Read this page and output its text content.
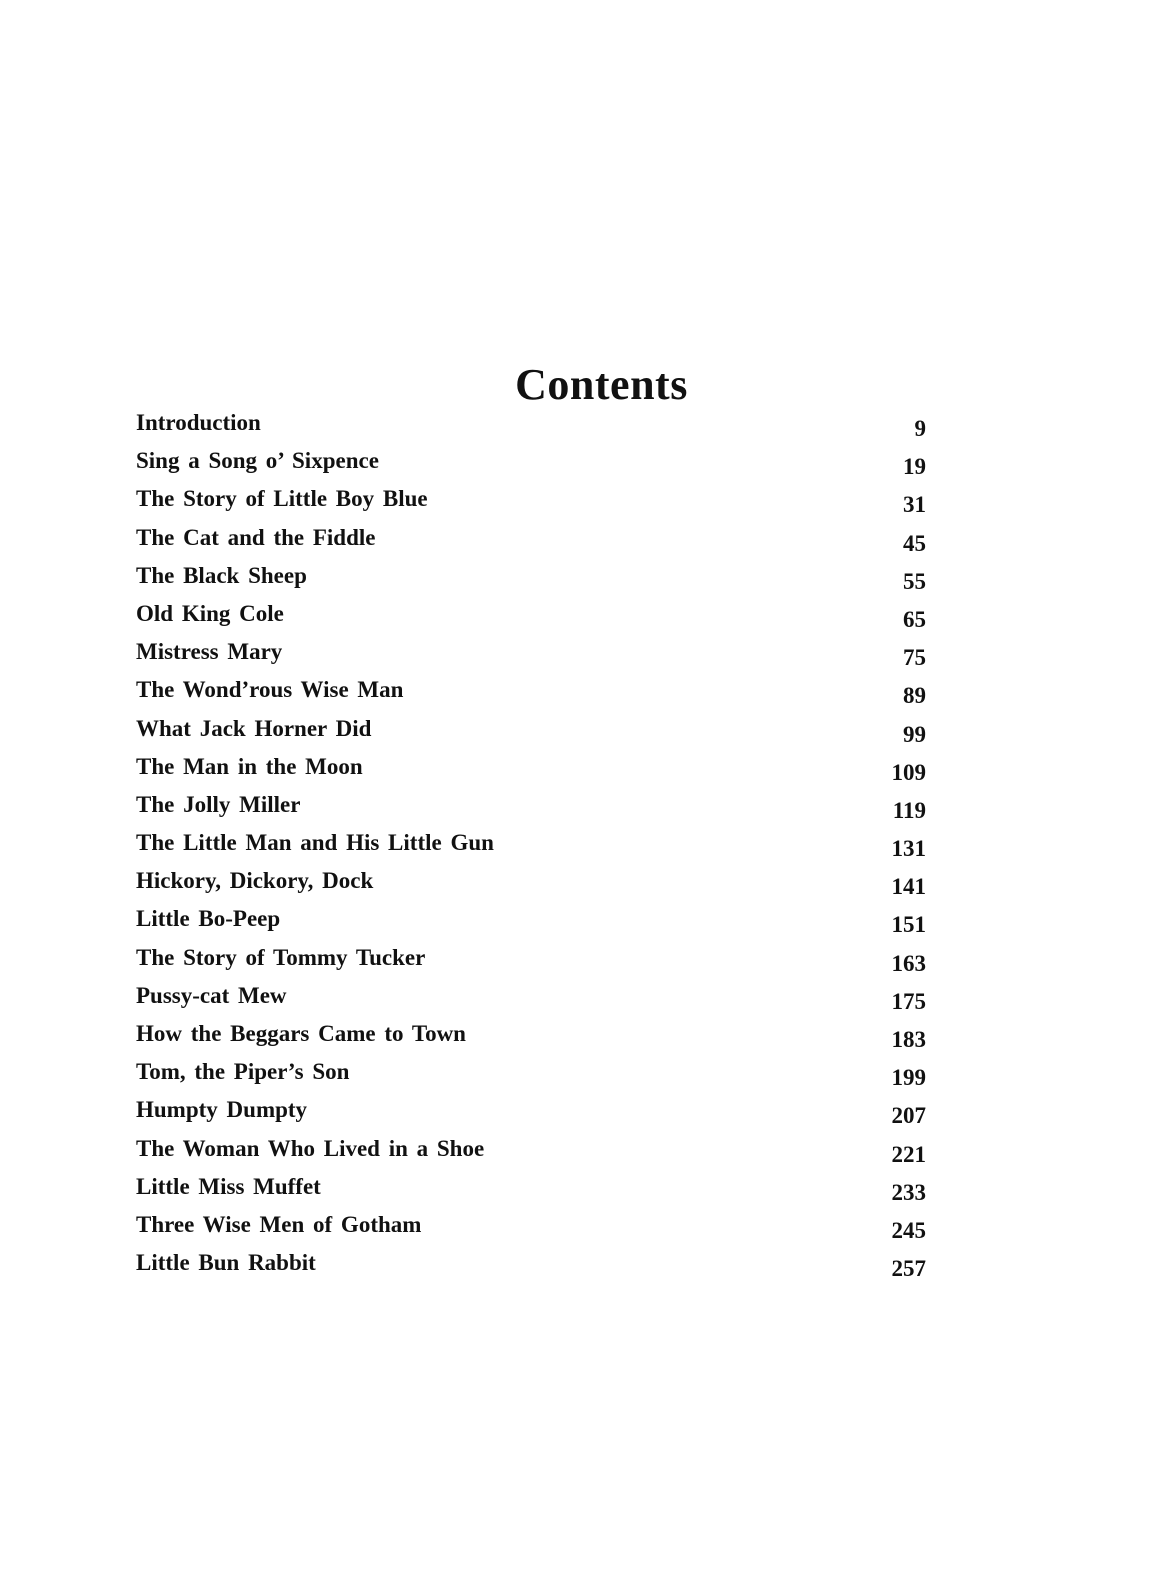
Contents
Introduction	9
Sing a Song o’ Sixpence	19
The Story of Little Boy Blue	31
The Cat and the Fiddle	45
The Black Sheep	55
Old King Cole	65
Mistress Mary	75
The Wond’rous Wise Man	89
What Jack Horner Did	99
The Man in the Moon	109
The Jolly Miller	119
The Little Man and His Little Gun	131
Hickory, Dickory, Dock	141
Little Bo-Peep	151
The Story of Tommy Tucker	163
Pussy-cat Mew	175
How the Beggars Came to Town	183
Tom, the Piper’s Son	199
Humpty Dumpty	207
The Woman Who Lived in a Shoe	221
Little Miss Muffet	233
Three Wise Men of Gotham	245
Little Bun Rabbit	257
